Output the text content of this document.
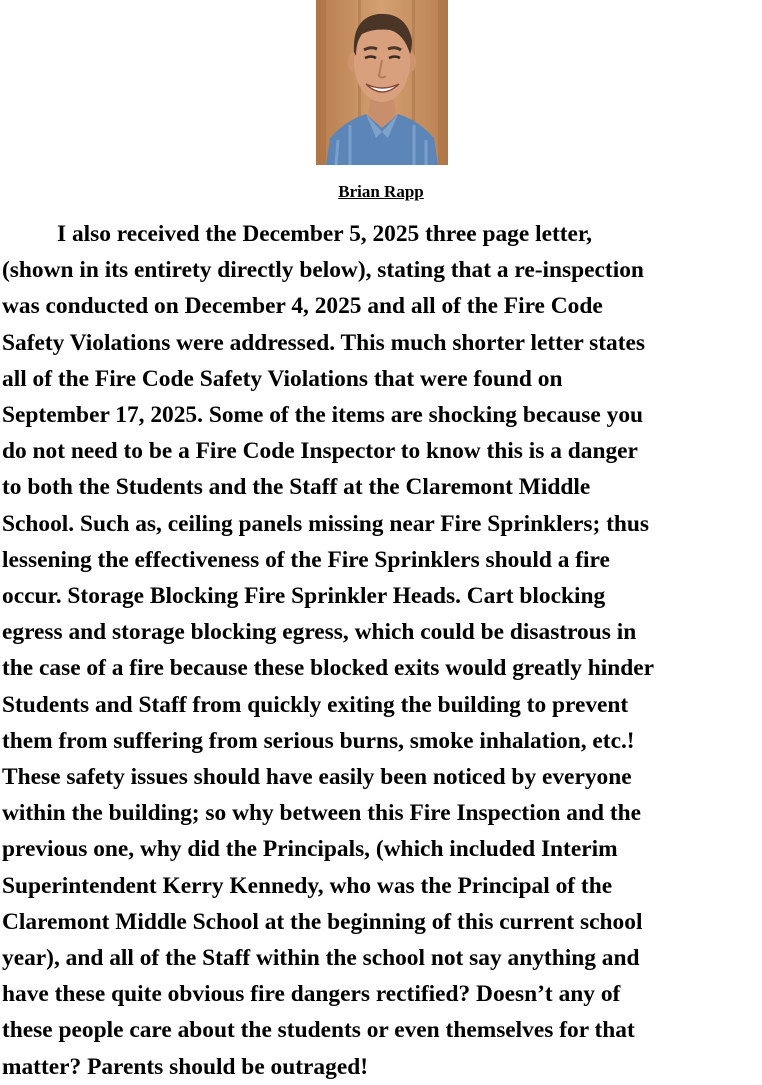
Brian Rapp
I also received the December 5, 2025 three page letter,
(shown in its entirety directly below), stating that a re-inspection
was conducted on December 4, 2025 and all of the Fire Code
Safety Violations were addressed. This much shorter letter states
all of the Fire Code Safety Violations that were found on
September 17, 2025. Some of the items are shocking because you
do not need to be a Fire Code Inspector to know this is a danger
to both the Students and the Staff at the Claremont Middle
School. Such as, ceiling panels missing near Fire Sprinklers; thus
lessening the effectiveness of the Fire Sprinklers should a fire
occur. Storage Blocking Fire Sprinkler Heads. Cart blocking
egress and storage blocking egress, which could be disastrous in
the case of a fire because these blocked exits would greatly hinder
Students and Staff from quickly exiting the building to prevent
them from suffering from serious burns, smoke inhalation, etc.!
These safety issues should have easily been noticed by everyone
within the building; so why between this Fire Inspection and the
previous one, why did the Principals, (which included Interim
Superintendent Kerry Kennedy, who was the Principal of the
Claremont Middle School at the beginning of this current school
year), and all of the Staff within the school not say anything and
have these quite obvious fire dangers rectified? Doesn’t any of
these people care about the students or even themselves for that
matter? Parents should be outraged!
